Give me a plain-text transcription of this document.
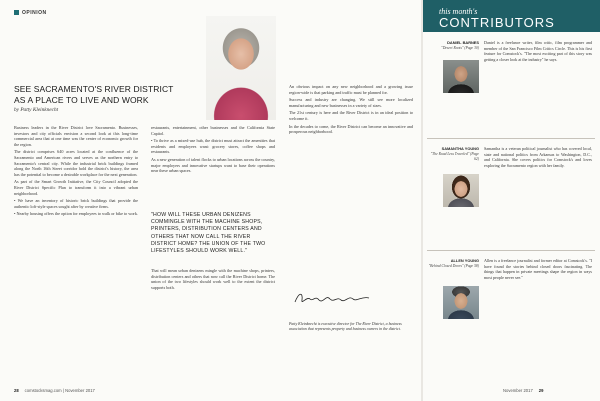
OPINION
SEE SACRAMENTO'S RIVER DISTRICT AS A PLACE TO LIVE AND WORK
by Patty Kleinknecht

Business leaders in the River District love Sacramento. Businesses, investors and city officials envision a second look at this long-time commercial area that at one time was the center of economic growth for the region.

The district comprises 640 acres located at the confluence of the Sacramento and American rivers and serves as the northern entry to Sacramento's central city. While the industrial brick buildings framed along the North 16th Street corridor hold the district's history, the area has the potential to become a desirable workplace for the next generation.

As part of the Smart Growth Initiative, the City Council adopted the River District Specific Plan to transform it into a vibrant urban neighborhood.

• We have an inventory of historic brick buildings that provide the authentic loft-style spaces sought after by creative firms.

• Nearby housing offers the option for employees to walk or bike to work.

restaurants, entertainment, other businesses and the California State Capitol.

• To thrive as a mixed-use hub, the district must attract the amenities that residents and employees want: grocery stores, coffee shops and restaurants.

As a new generation of talent flocks to urban locations across the country, major employers and innovative startups want to base their operations near these urban spaces.

"HOW WILL THESE URBAN DENIZENS COMMINGLE WITH THE MACHINE SHOPS, PRINTERS, DISTRIBUTION CENTERS AND OTHERS THAT NOW CALL THE RIVER DISTRICT HOME? THE UNION OF THE TWO LIFESTYLES SHOULD WORK WELL."

That will mean urban denizens mingle with the machine shops, printers, distribution centers and others that now call the River District home. The union of the two lifestyles should work well to the extent the district supports both.

An obvious impact on any new neighborhood and a growing issue region-wide is that parking and traffic must be planned for.

Success and industry are changing. We still see more localized manufacturing and new businesses in a variety of sizes.

The 21st century is here and the River District is in an ideal position to welcome it.

In the decades to come, the River District can become an innovative and prosperous neighborhood.

Patty Kleinknecht is executive director for The River District, a business association that represents property and business owners in the district.
28 comstocksmag.com | November 2017
this month's
CONTRIBUTORS
DANIEL BARNES
"Desert Roots" (Page 30)
Daniel is a freelance writer, film critic, film programmer and member of the San Francisco Film Critics Circle. This is his first feature for Comstock's. "The most exciting part of this story was getting a closer look at the industry" he says.
SAMANTHA YOUNG
"The Road Less Traveled" (Page 62)
Samantha is a veteran political journalist who has covered local, state and national politics from Arkansas to Washington, D.C., and California. She covers politics for Comstock's and loves exploring the Sacramento region with her family.
ALLEN YOUNG
"Behind Closed Doors" (Page 58)
Allen is a freelance journalist and former editor at Comstock's. "I have found the stories behind closed doors fascinating. The things that happen in private meetings shape the region in ways most people never see."
November 2017 29
